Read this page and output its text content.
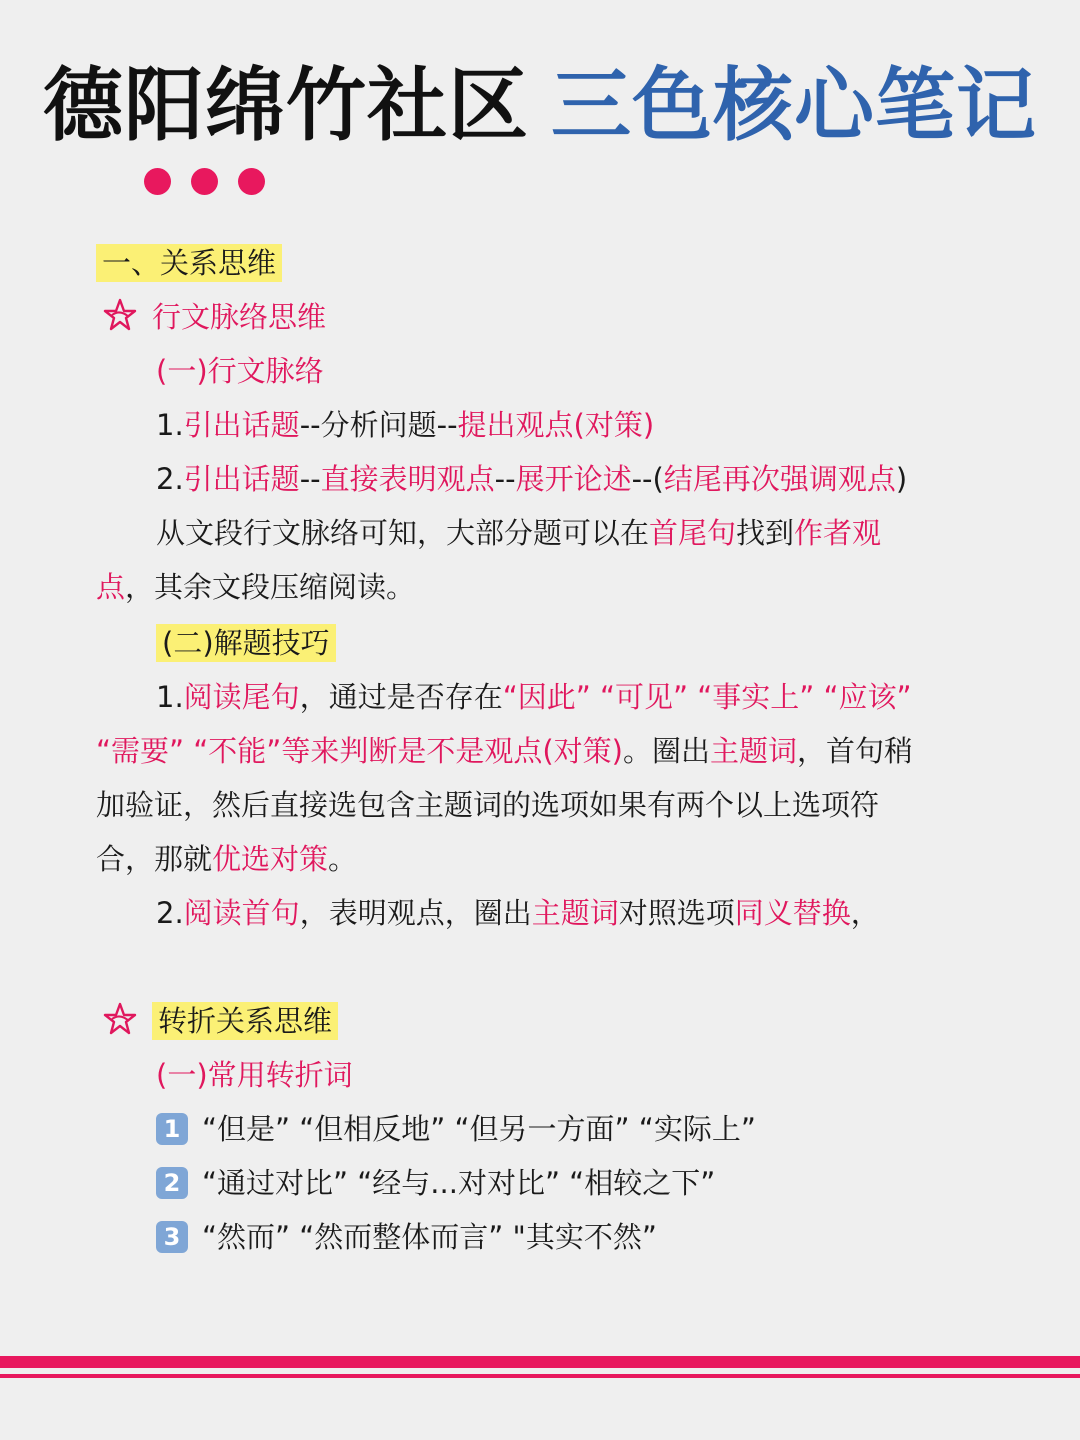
德阳绵竹社区 三色核心笔记
一、关系思维
行文脉络思维
(一)行文脉络
1.引出话题--分析问题--提出观点(对策)
2.引出话题--直接表明观点--展开论述--(结尾再次强调观点)
从文段行文脉络可知，大部分题可以在首尾句找到作者观点，其余文段压缩阅读。
(二)解题技巧
1.阅读尾句，通过是否存在“因此” “可见” “事实上” “应该” “需要” “不能”等来判断是不是观点(对策)。圈出主题词，首句稍加验证，然后直接选包含主题词的选项如果有两个以上选项符合，那就优选对策。
2.阅读首句，表明观点，圈出主题词对照选项同义替换，
转折关系思维
(一)常用转折词
1 “但是” “但相反地” “但另一方面” “实际上”
2 “通过对比” “经与...对对比” “相较之下”
3 “然而” “然而整体而言” "其实不然”
